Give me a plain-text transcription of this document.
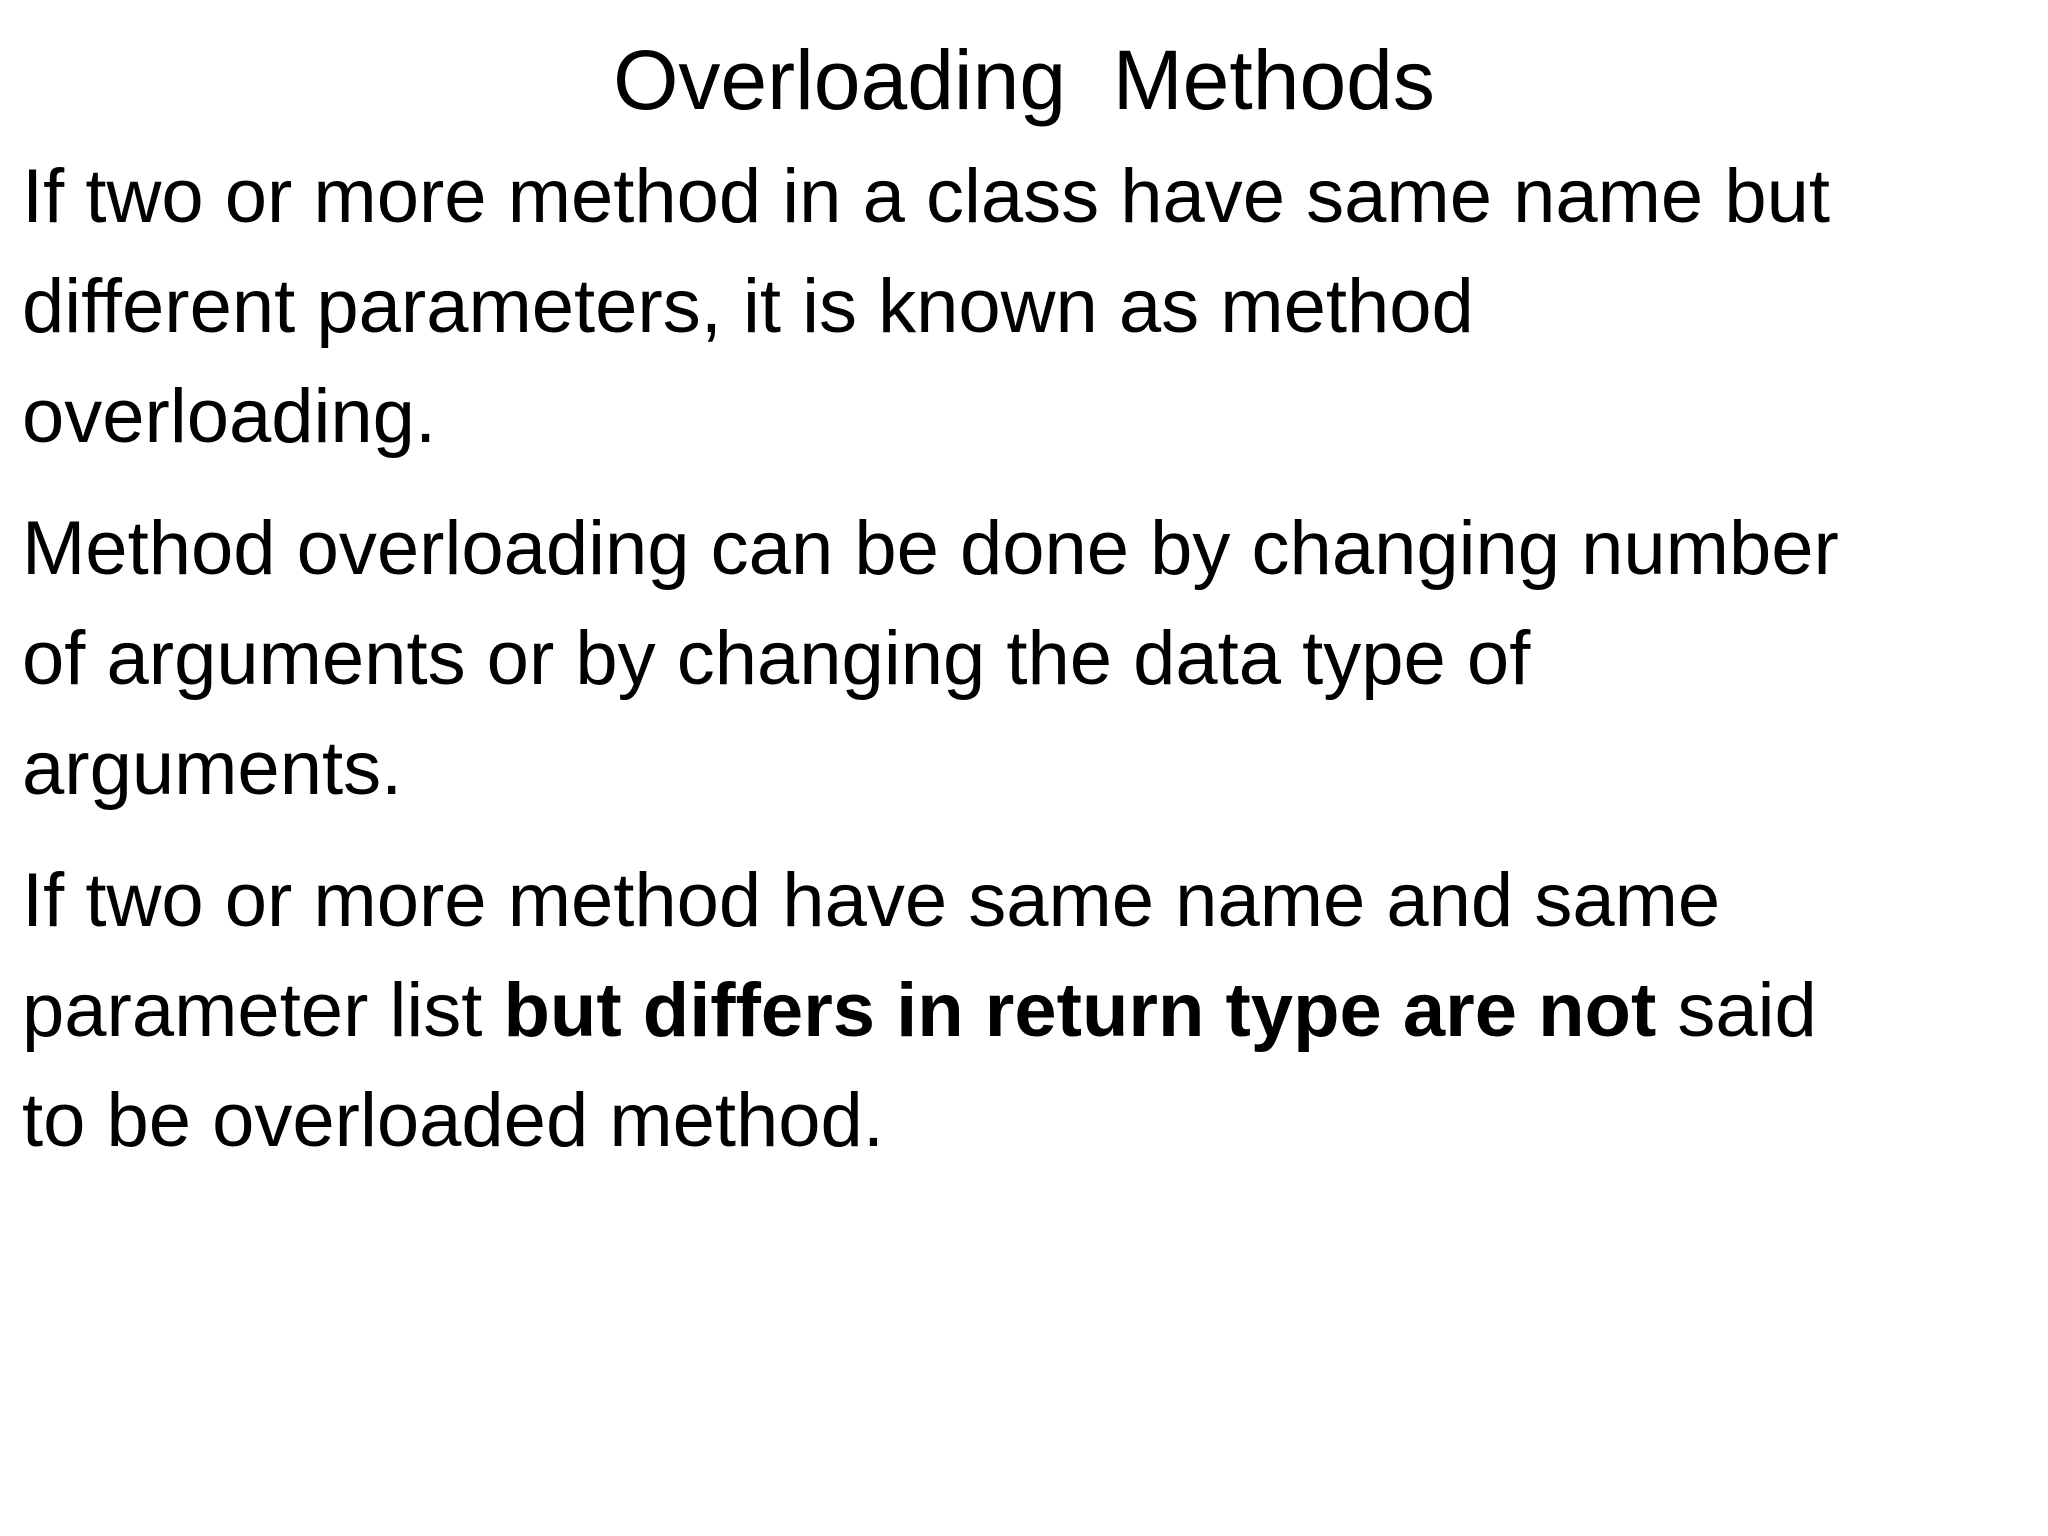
Overloading  Methods

If two or more method in a class have same name but
different parameters, it is known as method
overloading.

Method overloading can be done by changing number
of arguments or by changing the data type of
arguments.

If two or more method have same name and same
parameter list but differs in return type are not said
to be overloaded method.
